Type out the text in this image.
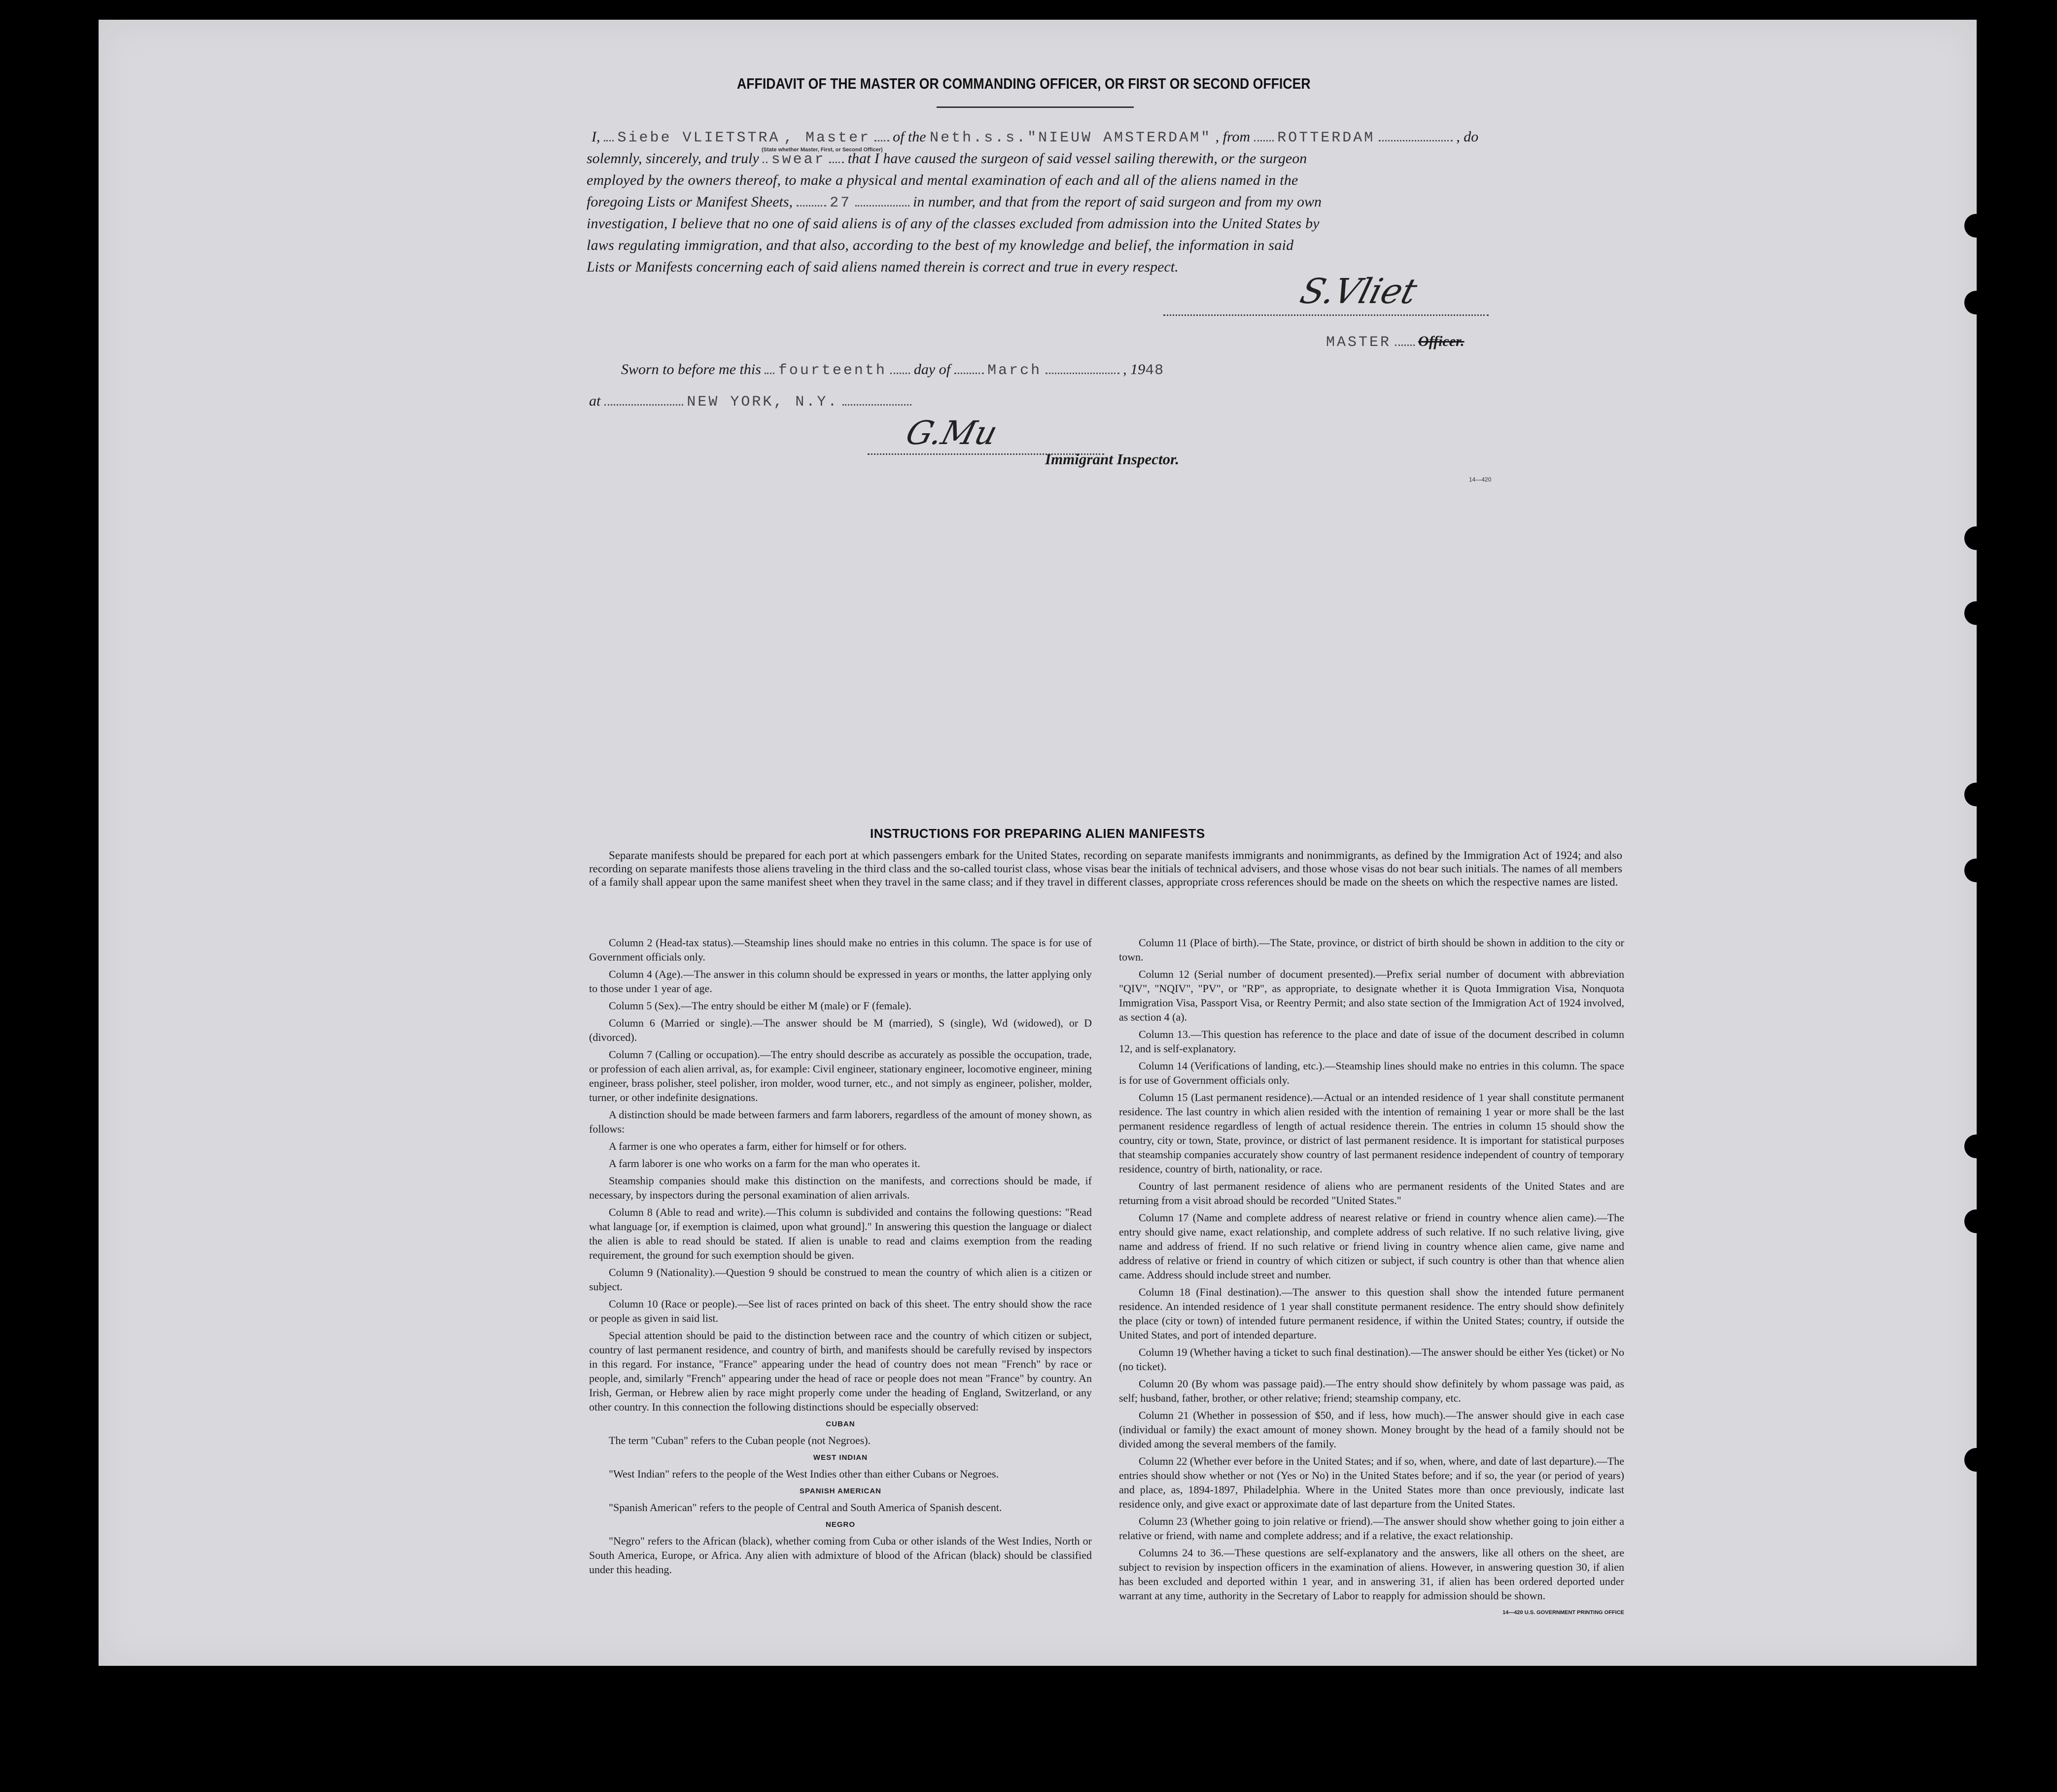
AFFIDAVIT OF THE MASTER OR COMMANDING OFFICER, OR FIRST OR SECOND OFFICER
I, Siebe VLIETSTRA , Master of the Neth.s.s."NIEUW AMSTERDAM" , from ROTTERDAM	, do
(State whether Master, First, or Second Officer)
solemnly, sincerely, and truly swear that I have caused the surgeon of said vessel sailing therewith, or the surgeon
employed by the owners thereof, to make a physical and mental examination of each and all of the aliens named in the
foregoing Lists or Manifest Sheets,	27	in number, and that from the report of said surgeon and from my own
investigation, I believe that no one of said aliens is of any of the classes excluded from admission into the United States by
laws regulating immigration, and that also, according to the best of my knowledge and belief, the information in said
Lists or Manifests concerning each of said aliens named therein is correct and true in every respect.
S.Vliet
MASTER Officer.
Sworn to before me this fourteenth day of	March	, 1948
at	NEW YORK, N.Y.
G.Mu
Immigrant Inspector.
14—420
INSTRUCTIONS FOR PREPARING ALIEN MANIFESTS

Separate manifests should be prepared for each port at which passengers embark for the United States, recording on separate manifests immigrants and nonimmigrants, as defined by the Immigration Act of 1924; and also recording on separate manifests those aliens traveling in the third class and the so-called tourist class, whose visas bear the initials of technical advisers, and those whose visas do not bear such initials. The names of all members of a family shall appear upon the same manifest sheet when they travel in the same class; and if they travel in different classes, appropriate cross references should be made on the sheets on which the respective names are listed.

Column 2 (Head-tax status).—Steamship lines should make no entries in this column. The space is for use of Government officials only.

Column 4 (Age).—The answer in this column should be expressed in years or months, the latter applying only to those under 1 year of age.

Column 5 (Sex).—The entry should be either M (male) or F (female).

Column 6 (Married or single).—The answer should be M (married), S (single), Wd (widowed), or D (divorced).

Column 7 (Calling or occupation).—The entry should describe as accurately as possible the occupation, trade, or profession of each alien arrival, as, for example: Civil engineer, stationary engineer, locomotive engineer, mining engineer, brass polisher, steel polisher, iron molder, wood turner, etc., and not simply as engineer, polisher, molder, turner, or other indefinite designations.

A distinction should be made between farmers and farm laborers, regardless of the amount of money shown, as follows:

A farmer is one who operates a farm, either for himself or for others.

A farm laborer is one who works on a farm for the man who operates it.

Steamship companies should make this distinction on the manifests, and corrections should be made, if necessary, by inspectors during the personal examination of alien arrivals.

Column 8 (Able to read and write).—This column is subdivided and contains the following questions: "Read what language [or, if exemption is claimed, upon what ground]." In answering this question the language or dialect the alien is able to read should be stated. If alien is unable to read and claims exemption from the reading requirement, the ground for such exemption should be given.

Column 9 (Nationality).—Question 9 should be construed to mean the country of which alien is a citizen or subject.

Column 10 (Race or people).—See list of races printed on back of this sheet. The entry should show the race or people as given in said list.

Special attention should be paid to the distinction between race and the country of which citizen or subject, country of last permanent residence, and country of birth, and manifests should be carefully revised by inspectors in this regard. For instance, "France" appearing under the head of country does not mean "French" by race or people, and, similarly "French" appearing under the head of race or people does not mean "France" by country. An Irish, German, or Hebrew alien by race might properly come under the heading of England, Switzerland, or any other country. In this connection the following distinctions should be especially observed:

CUBAN

The term "Cuban" refers to the Cuban people (not Negroes).

WEST INDIAN

"West Indian" refers to the people of the West Indies other than either Cubans or Negroes.

SPANISH AMERICAN

"Spanish American" refers to the people of Central and South America of Spanish descent.

NEGRO

"Negro" refers to the African (black), whether coming from Cuba or other islands of the West Indies, North or South America, Europe, or Africa. Any alien with admixture of blood of the African (black) should be classified under this heading.

Column 11 (Place of birth).—The State, province, or district of birth should be shown in addition to the city or town.

Column 12 (Serial number of document presented).—Prefix serial number of document with abbreviation "QIV", "NQIV", "PV", or "RP", as appropriate, to designate whether it is Quota Immigration Visa, Nonquota Immigration Visa, Passport Visa, or Reentry Permit; and also state section of the Immigration Act of 1924 involved, as section 4 (a).

Column 13.—This question has reference to the place and date of issue of the document described in column 12, and is self-explanatory.

Column 14 (Verifications of landing, etc.).—Steamship lines should make no entries in this column. The space is for use of Government officials only.

Column 15 (Last permanent residence).—Actual or an intended residence of 1 year shall constitute permanent residence. The last country in which alien resided with the intention of remaining 1 year or more shall be the last permanent residence regardless of length of actual residence therein. The entries in column 15 should show the country, city or town, State, province, or district of last permanent residence. It is important for statistical purposes that steamship companies accurately show country of last permanent residence independent of country of temporary residence, country of birth, nationality, or race.

Country of last permanent residence of aliens who are permanent residents of the United States and are returning from a visit abroad should be recorded "United States."

Column 17 (Name and complete address of nearest relative or friend in country whence alien came).—The entry should give name, exact relationship, and complete address of such relative. If no such relative living, give name and address of friend. If no such relative or friend living in country whence alien came, give name and address of relative or friend in country of which citizen or subject, if such country is other than that whence alien came. Address should include street and number.

Column 18 (Final destination).—The answer to this question shall show the intended future permanent residence. An intended residence of 1 year shall constitute permanent residence. The entry should show definitely the place (city or town) of intended future permanent residence, if within the United States; country, if outside the United States, and port of intended departure.

Column 19 (Whether having a ticket to such final destination).—The answer should be either Yes (ticket) or No (no ticket).

Column 20 (By whom was passage paid).—The entry should show definitely by whom passage was paid, as self; husband, father, brother, or other relative; friend; steamship company, etc.

Column 21 (Whether in possession of $50, and if less, how much).—The answer should give in each case (individual or family) the exact amount of money shown. Money brought by the head of a family should not be divided among the several members of the family.

Column 22 (Whether ever before in the United States; and if so, when, where, and date of last departure).—The entries should show whether or not (Yes or No) in the United States before; and if so, the year (or period of years) and place, as, 1894-1897, Philadelphia. Where in the United States more than once previously, indicate last residence only, and give exact or approximate date of last departure from the United States.

Column 23 (Whether going to join relative or friend).—The answer should show whether going to join either a relative or friend, with name and complete address; and if a relative, the exact relationship.

Columns 24 to 36.—These questions are self-explanatory and the answers, like all others on the sheet, are subject to revision by inspection officers in the examination of aliens. However, in answering question 30, if alien has been excluded and deported within 1 year, and in answering 31, if alien has been ordered deported under warrant at any time, authority in the Secretary of Labor to reapply for admission should be shown.

14—420 U.S. GOVERNMENT PRINTING OFFICE
